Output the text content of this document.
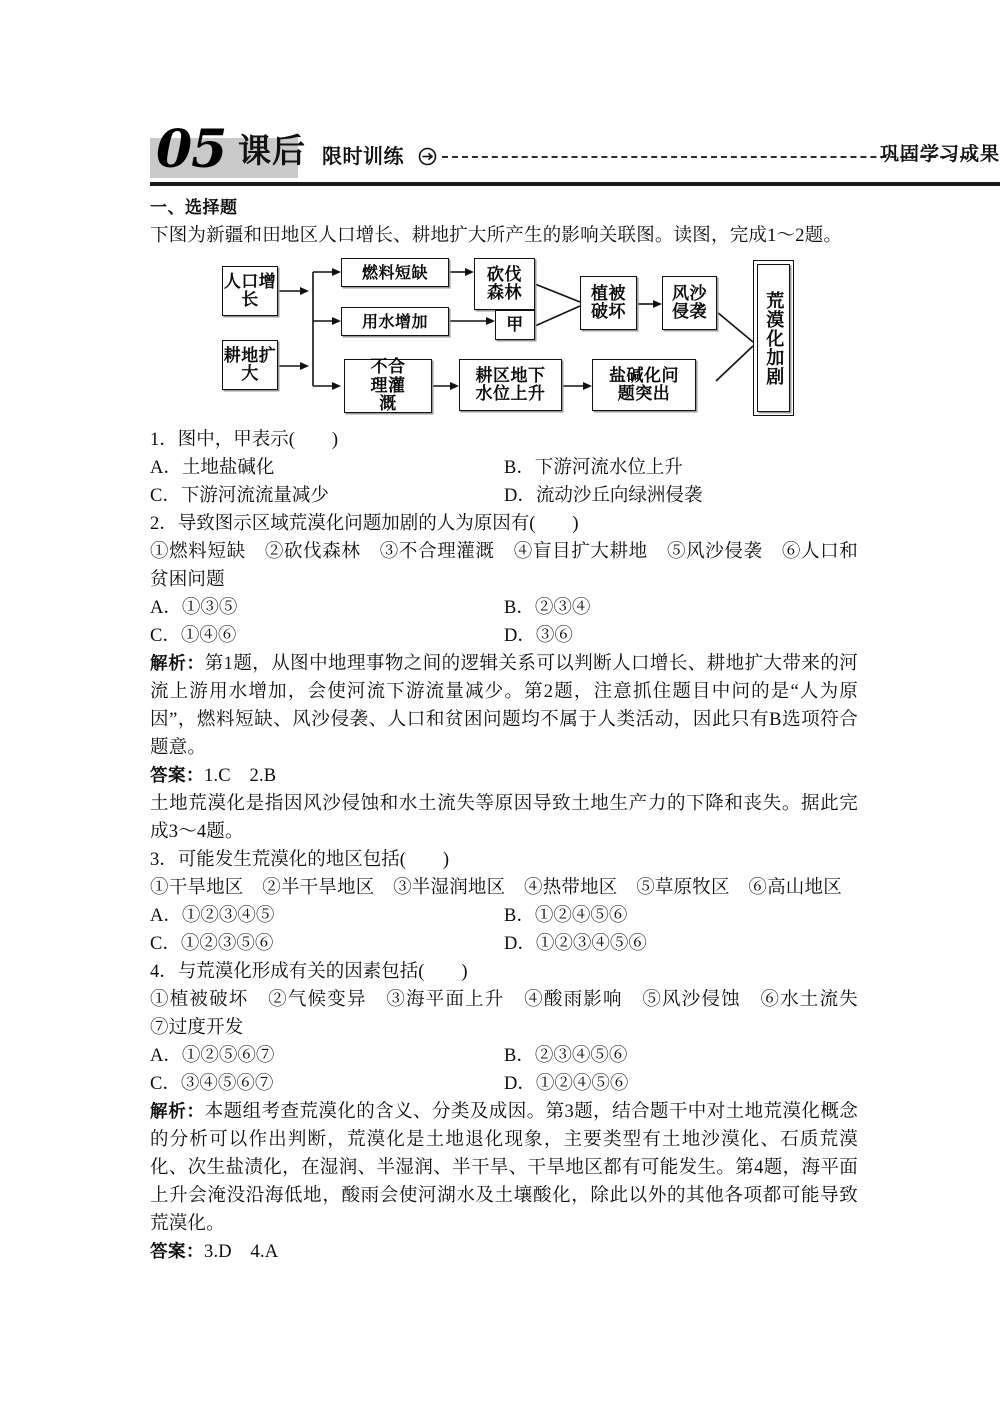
05 课后 限时训练	巩固学习成果
一、选择题

下图为新疆和田地区人口增长、耕地扩大所产生的影响关联图。读图，完成1～2题。

人口增长
耕地扩大
燃料短缺
用水增加
不合理灌溉
砍伐森林
甲
植被破坏
风沙侵袭
耕区地下水位上升
盐碱化问题突出
荒漠化加剧

1．图中，甲表示(　　)

A．土地盐碱化	B．下游河流水位上升
C．下游河流流量减少	D．流动沙丘向绿洲侵袭

2．导致图示区域荒漠化问题加剧的人为原因有(　　)

①燃料短缺　②砍伐森林　③不合理灌溉　④盲目扩大耕地　⑤风沙侵袭　⑥人口和贫困问题

A．①③⑤	B．②③④
C．①④⑥	D．③⑥

解析：第1题，从图中地理事物之间的逻辑关系可以判断人口增长、耕地扩大带来的河流上游用水增加，会使河流下游流量减少。第2题，注意抓住题目中问的是“人为原因”，燃料短缺、风沙侵袭、人口和贫困问题均不属于人类活动，因此只有B选项符合题意。

答案：1.C　2.B

土地荒漠化是指因风沙侵蚀和水土流失等原因导致土地生产力的下降和丧失。据此完成3～4题。

3．可能发生荒漠化的地区包括(　　)

①干旱地区　②半干旱地区　③半湿润地区　④热带地区　⑤草原牧区　⑥高山地区

A．①②③④⑤	B．①②④⑤⑥
C．①②③⑤⑥	D．①②③④⑤⑥

4．与荒漠化形成有关的因素包括(　　)

①植被破坏　②气候变异　③海平面上升　④酸雨影响　⑤风沙侵蚀　⑥水土流失　⑦过度开发

A．①②⑤⑥⑦	B．②③④⑤⑥
C．③④⑤⑥⑦	D．①②④⑤⑥

解析：本题组考查荒漠化的含义、分类及成因。第3题，结合题干中对土地荒漠化概念的分析可以作出判断，荒漠化是土地退化现象，主要类型有土地沙漠化、石质荒漠化、次生盐渍化，在湿润、半湿润、半干旱、干旱地区都有可能发生。第4题，海平面上升会淹没沿海低地，酸雨会使河湖水及土壤酸化，除此以外的其他各项都可能导致荒漠化。

答案：3.D　4.A
